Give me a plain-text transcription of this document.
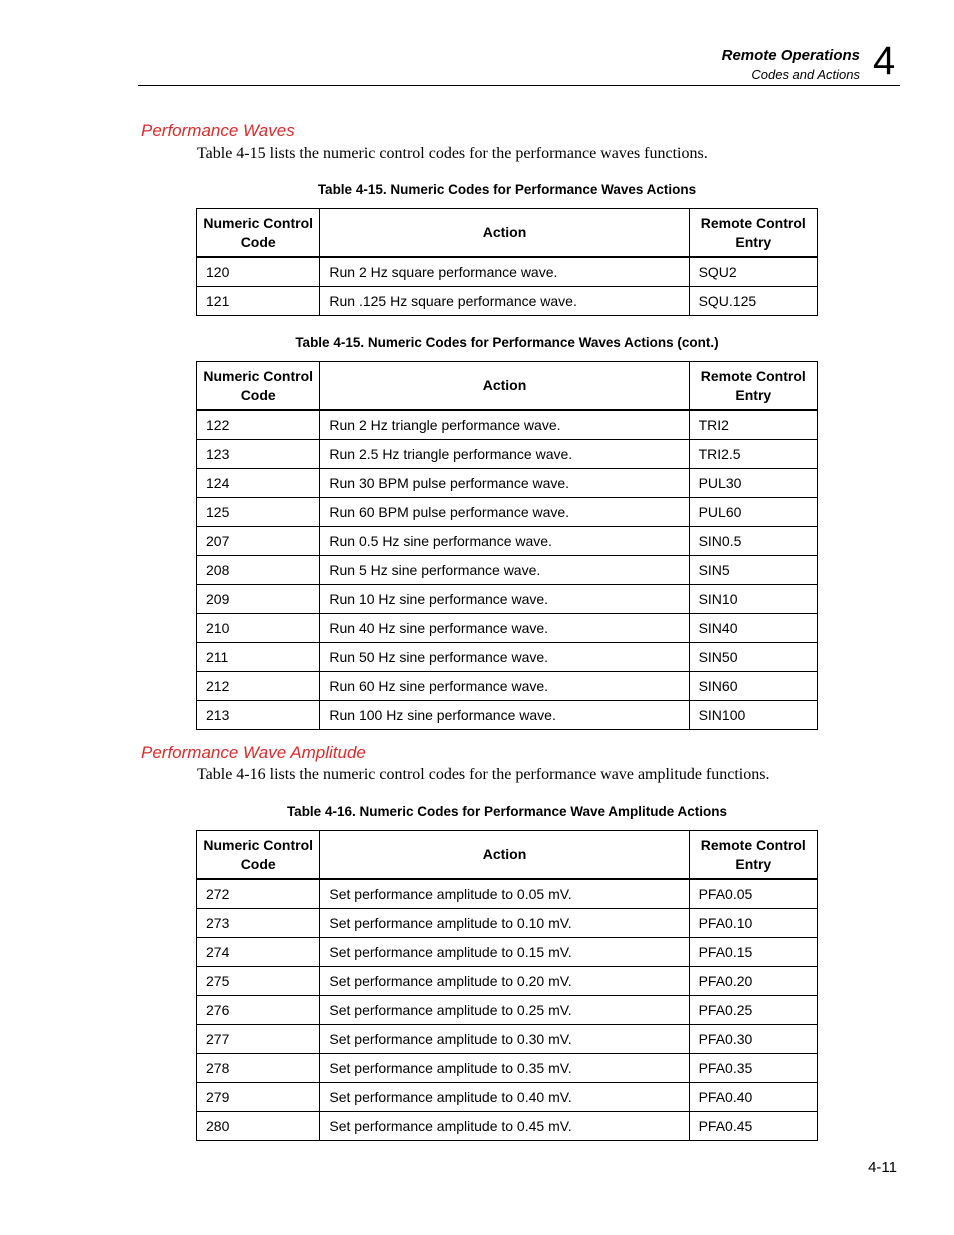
Remote Operations
Codes and Actions 4
Performance Waves
Table 4-15 lists the numeric control codes for the performance waves functions.
Table 4-15. Numeric Codes for Performance Waves Actions
Numeric Control Code	Action	Remote Control Entry
120	Run 2 Hz square performance wave.	SQU2
121	Run .125 Hz square performance wave.	SQU.125
Table 4-15. Numeric Codes for Performance Waves Actions (cont.)
Numeric Control Code	Action	Remote Control Entry
122	Run 2 Hz triangle performance wave.	TRI2
123	Run 2.5 Hz triangle performance wave.	TRI2.5
124	Run 30 BPM pulse performance wave.	PUL30
125	Run 60 BPM pulse performance wave.	PUL60
207	Run 0.5 Hz sine performance wave.	SIN0.5
208	Run 5 Hz sine performance wave.	SIN5
209	Run 10 Hz sine performance wave.	SIN10
210	Run 40 Hz sine performance wave.	SIN40
211	Run 50 Hz sine performance wave.	SIN50
212	Run 60 Hz sine performance wave.	SIN60
213	Run 100 Hz sine performance wave.	SIN100
Performance Wave Amplitude
Table 4-16 lists the numeric control codes for the performance wave amplitude functions.
Table 4-16. Numeric Codes for Performance Wave Amplitude Actions
Numeric Control Code	Action	Remote Control Entry
272	Set performance amplitude to 0.05 mV.	PFA0.05
273	Set performance amplitude to 0.10 mV.	PFA0.10
274	Set performance amplitude to 0.15 mV.	PFA0.15
275	Set performance amplitude to 0.20 mV.	PFA0.20
276	Set performance amplitude to 0.25 mV.	PFA0.25
277	Set performance amplitude to 0.30 mV.	PFA0.30
278	Set performance amplitude to 0.35 mV.	PFA0.35
279	Set performance amplitude to 0.40 mV.	PFA0.40
280	Set performance amplitude to 0.45 mV.	PFA0.45
4-11
